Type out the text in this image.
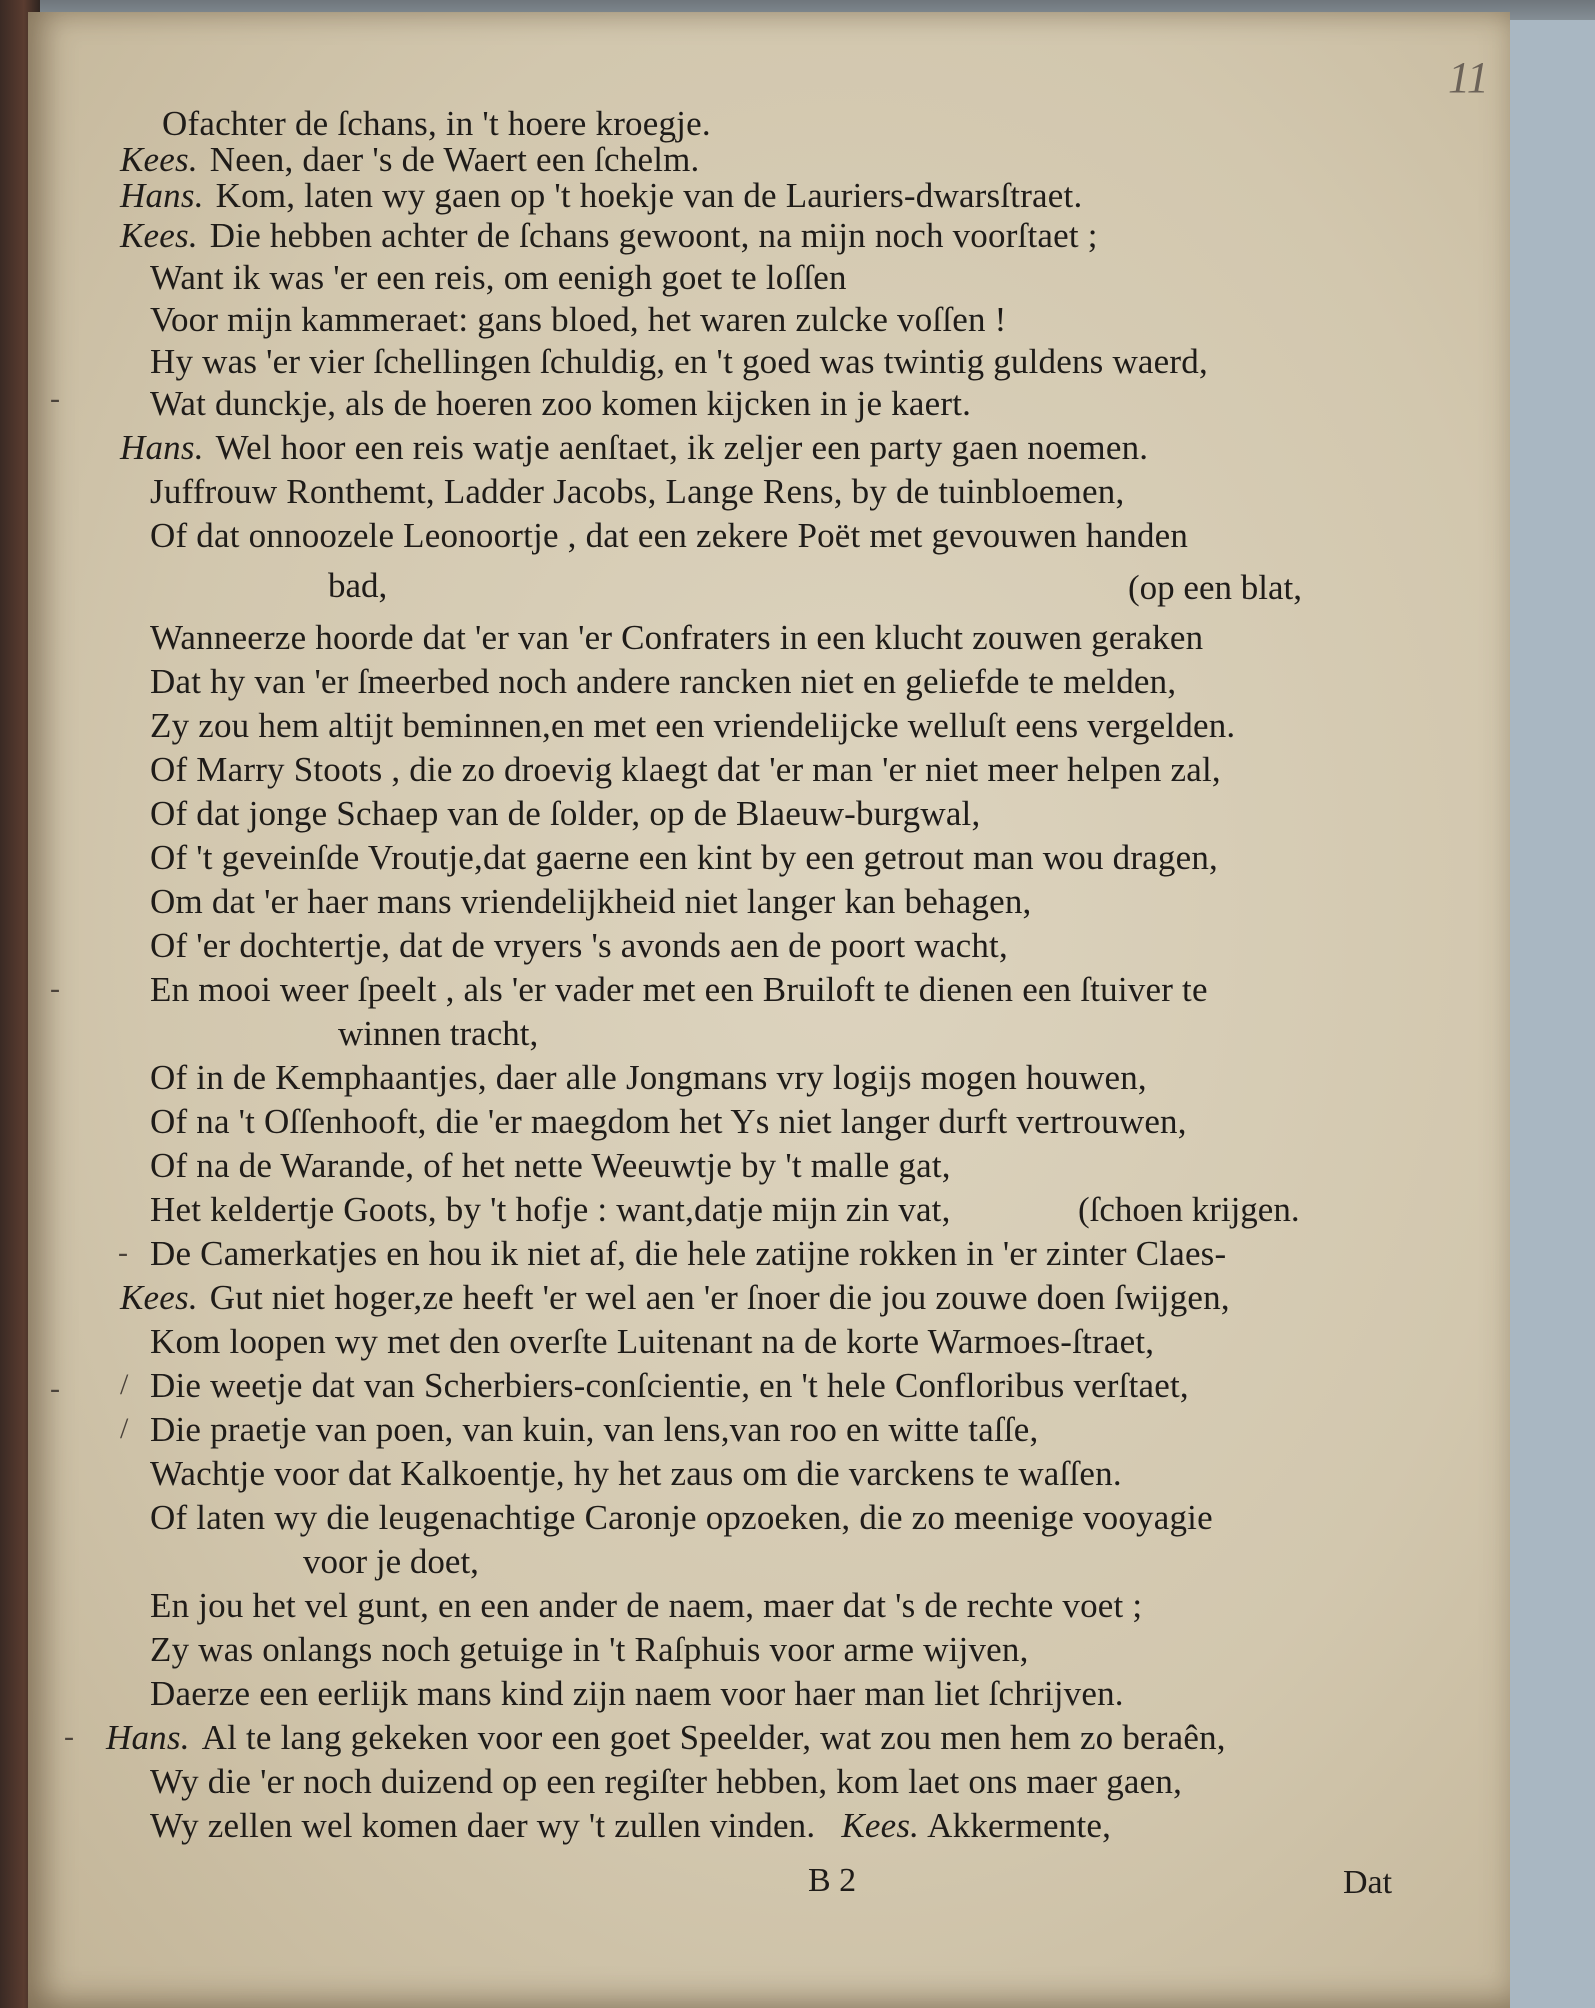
11
Ofachter de ſchans, in 't hoere kroegje.
Kees. Neen, daer 's de Waert een ſchelm.
Hans. Kom, laten wy gaen op 't hoekje van de Lauriers-dwarsſtraet.
Kees. Die hebben achter de ſchans gewoont, na mijn noch voorſtaet ;
Want ik was 'er een reis, om eenigh goet te loſſen
Voor mijn kammeraet: gans bloed, het waren zulcke voſſen !
Hy was 'er vier ſchellingen ſchuldig, en 't goed was twintig guldens waerd,
Wat dunckje, als de hoeren zoo komen kijcken in je kaert.
Hans. Wel hoor een reis watje aenſtaet, ik zeljer een party gaen noemen.
Juffrouw Ronthemt, Ladder Jacobs, Lange Rens, by de tuinbloemen,
Of dat onnoozele Leonoortje , dat een zekere Poët met gevouwen handen
bad,	(op een blat,
Wanneerze hoorde dat 'er van 'er Confraters in een klucht zouwen geraken
Dat hy van 'er ſmeerbed noch andere rancken niet en geliefde te melden,
Zy zou hem altijt beminnen,en met een vriendelijcke welluſt eens vergelden.
Of Marry Stoots , die zo droevig klaegt dat 'er man 'er niet meer helpen zal,
Of dat jonge Schaep van de ſolder, op de Blaeuw-burgwal,
Of 't geveinſde Vroutje,dat gaerne een kint by een getrout man wou dragen,
Om dat 'er haer mans vriendelijkheid niet langer kan behagen,
Of 'er dochtertje, dat de vryers 's avonds aen de poort wacht,
En mooi weer ſpeelt , als 'er vader met een Bruiloft te dienen een ſtuiver te
winnen tracht,
Of in de Kemphaantjes, daer alle Jongmans vry logijs mogen houwen,
Of na 't Oſſenhooft, die 'er maegdom het Ys niet langer durft vertrouwen,
Of na de Warande, of het nette Weeuwtje by 't malle gat,
Het keldertje Goots, by 't hofje : want,datje mijn zin vat,	(ſchoen krijgen.
De Camerkatjes en hou ik niet af, die hele zatijne rokken in 'er zinter Claes-
Kees. Gut niet hoger,ze heeft 'er wel aen 'er ſnoer die jou zouwe doen ſwijgen,
Kom loopen wy met den overſte Luitenant na de korte Warmoes-ſtraet,
Die weetje dat van Scherbiers-conſcientie, en 't hele Confloribus verſtaet,
Die praetje van poen, van kuin, van lens,van roo en witte taſſe,
Wachtje voor dat Kalkoentje, hy het zaus om die varckens te waſſen.
Of laten wy die leugenachtige Caronje opzoeken, die zo meenige vooyagie
voor je doet,
En jou het vel gunt, en een ander de naem, maer dat 's de rechte voet ;
Zy was onlangs noch getuige in 't Raſphuis voor arme wijven,
Daerze een eerlijk mans kind zijn naem voor haer man liet ſchrijven.
Hans. Al te lang gekeken voor een goet Speelder, wat zou men hem zo beraên,
Wy die 'er noch duizend op een regiſter hebben, kom laet ons maer gaen,
Wy zellen wel komen daer wy 't zullen vinden. Kees. Akkermente,
-
-
-
- /
/
-
B 2	Dat
